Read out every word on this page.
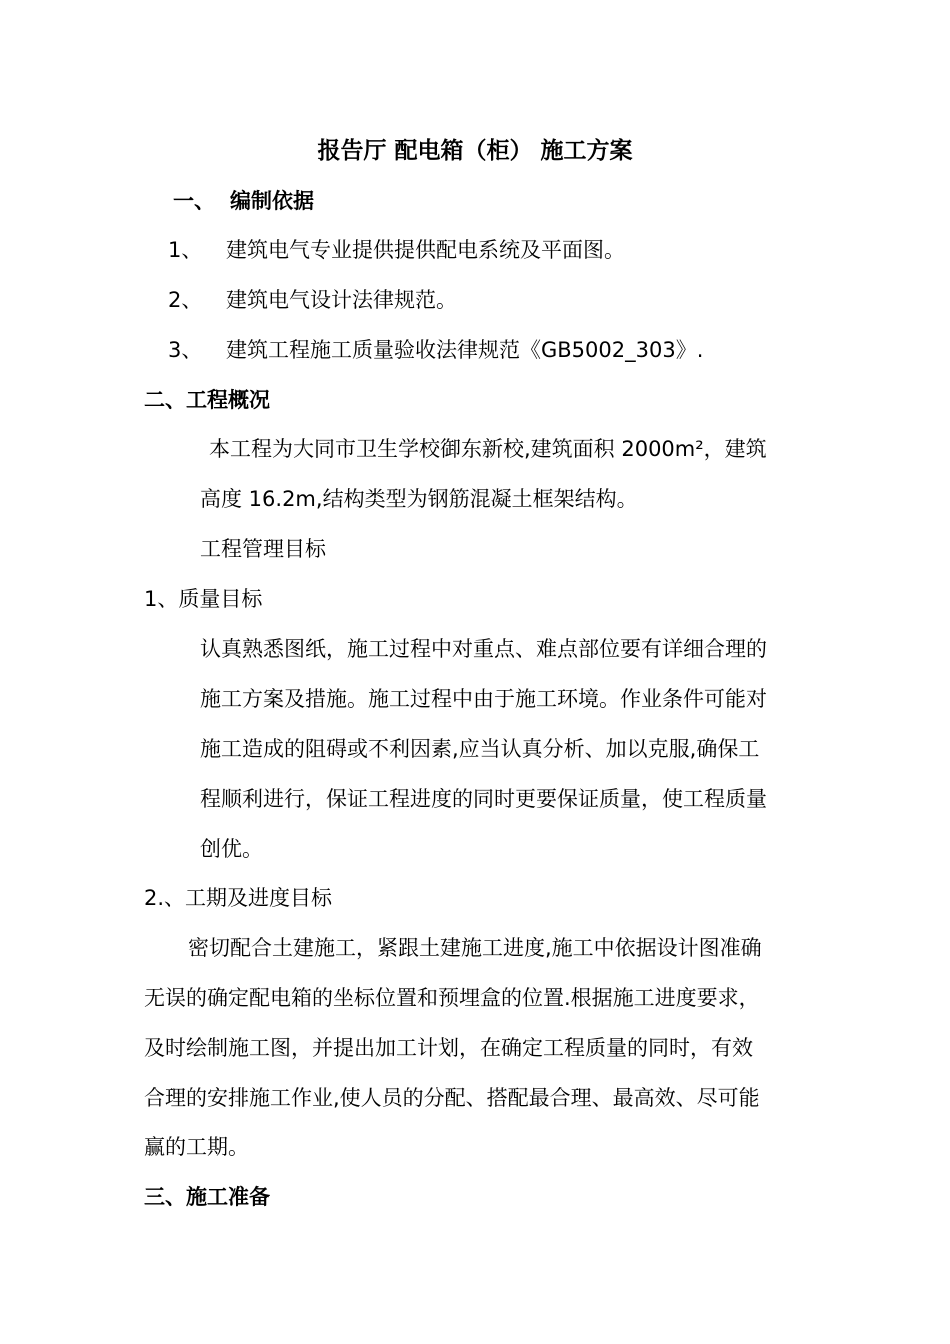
报告厅 配电箱（柜） 施工方案
一、 编制依据
1、 建筑电气专业提供提供配电系统及平面图。
2、 建筑电气设计法律规范。
3、 建筑工程施工质量验收法律规范《GB5002_303》.
二、工程概况
本工程为大同市卫生学校御东新校,建筑面积 2000m²，建筑
高度 16.2m,结构类型为钢筋混凝土框架结构。
工程管理目标
1、质量目标
认真熟悉图纸，施工过程中对重点、难点部位要有详细合理的
施工方案及措施。施工过程中由于施工环境。作业条件可能对
施工造成的阻碍或不利因素,应当认真分析、加以克服,确保工
程顺利进行，保证工程进度的同时更要保证质量，使工程质量
创优。
2.、工期及进度目标
密切配合土建施工，紧跟土建施工进度,施工中依据设计图准确
无误的确定配电箱的坐标位置和预埋盒的位置.根据施工进度要求，
及时绘制施工图，并提出加工计划，在确定工程质量的同时，有效
合理的安排施工作业,使人员的分配、搭配最合理、最高效、尽可能
赢的工期。
三、施工准备
